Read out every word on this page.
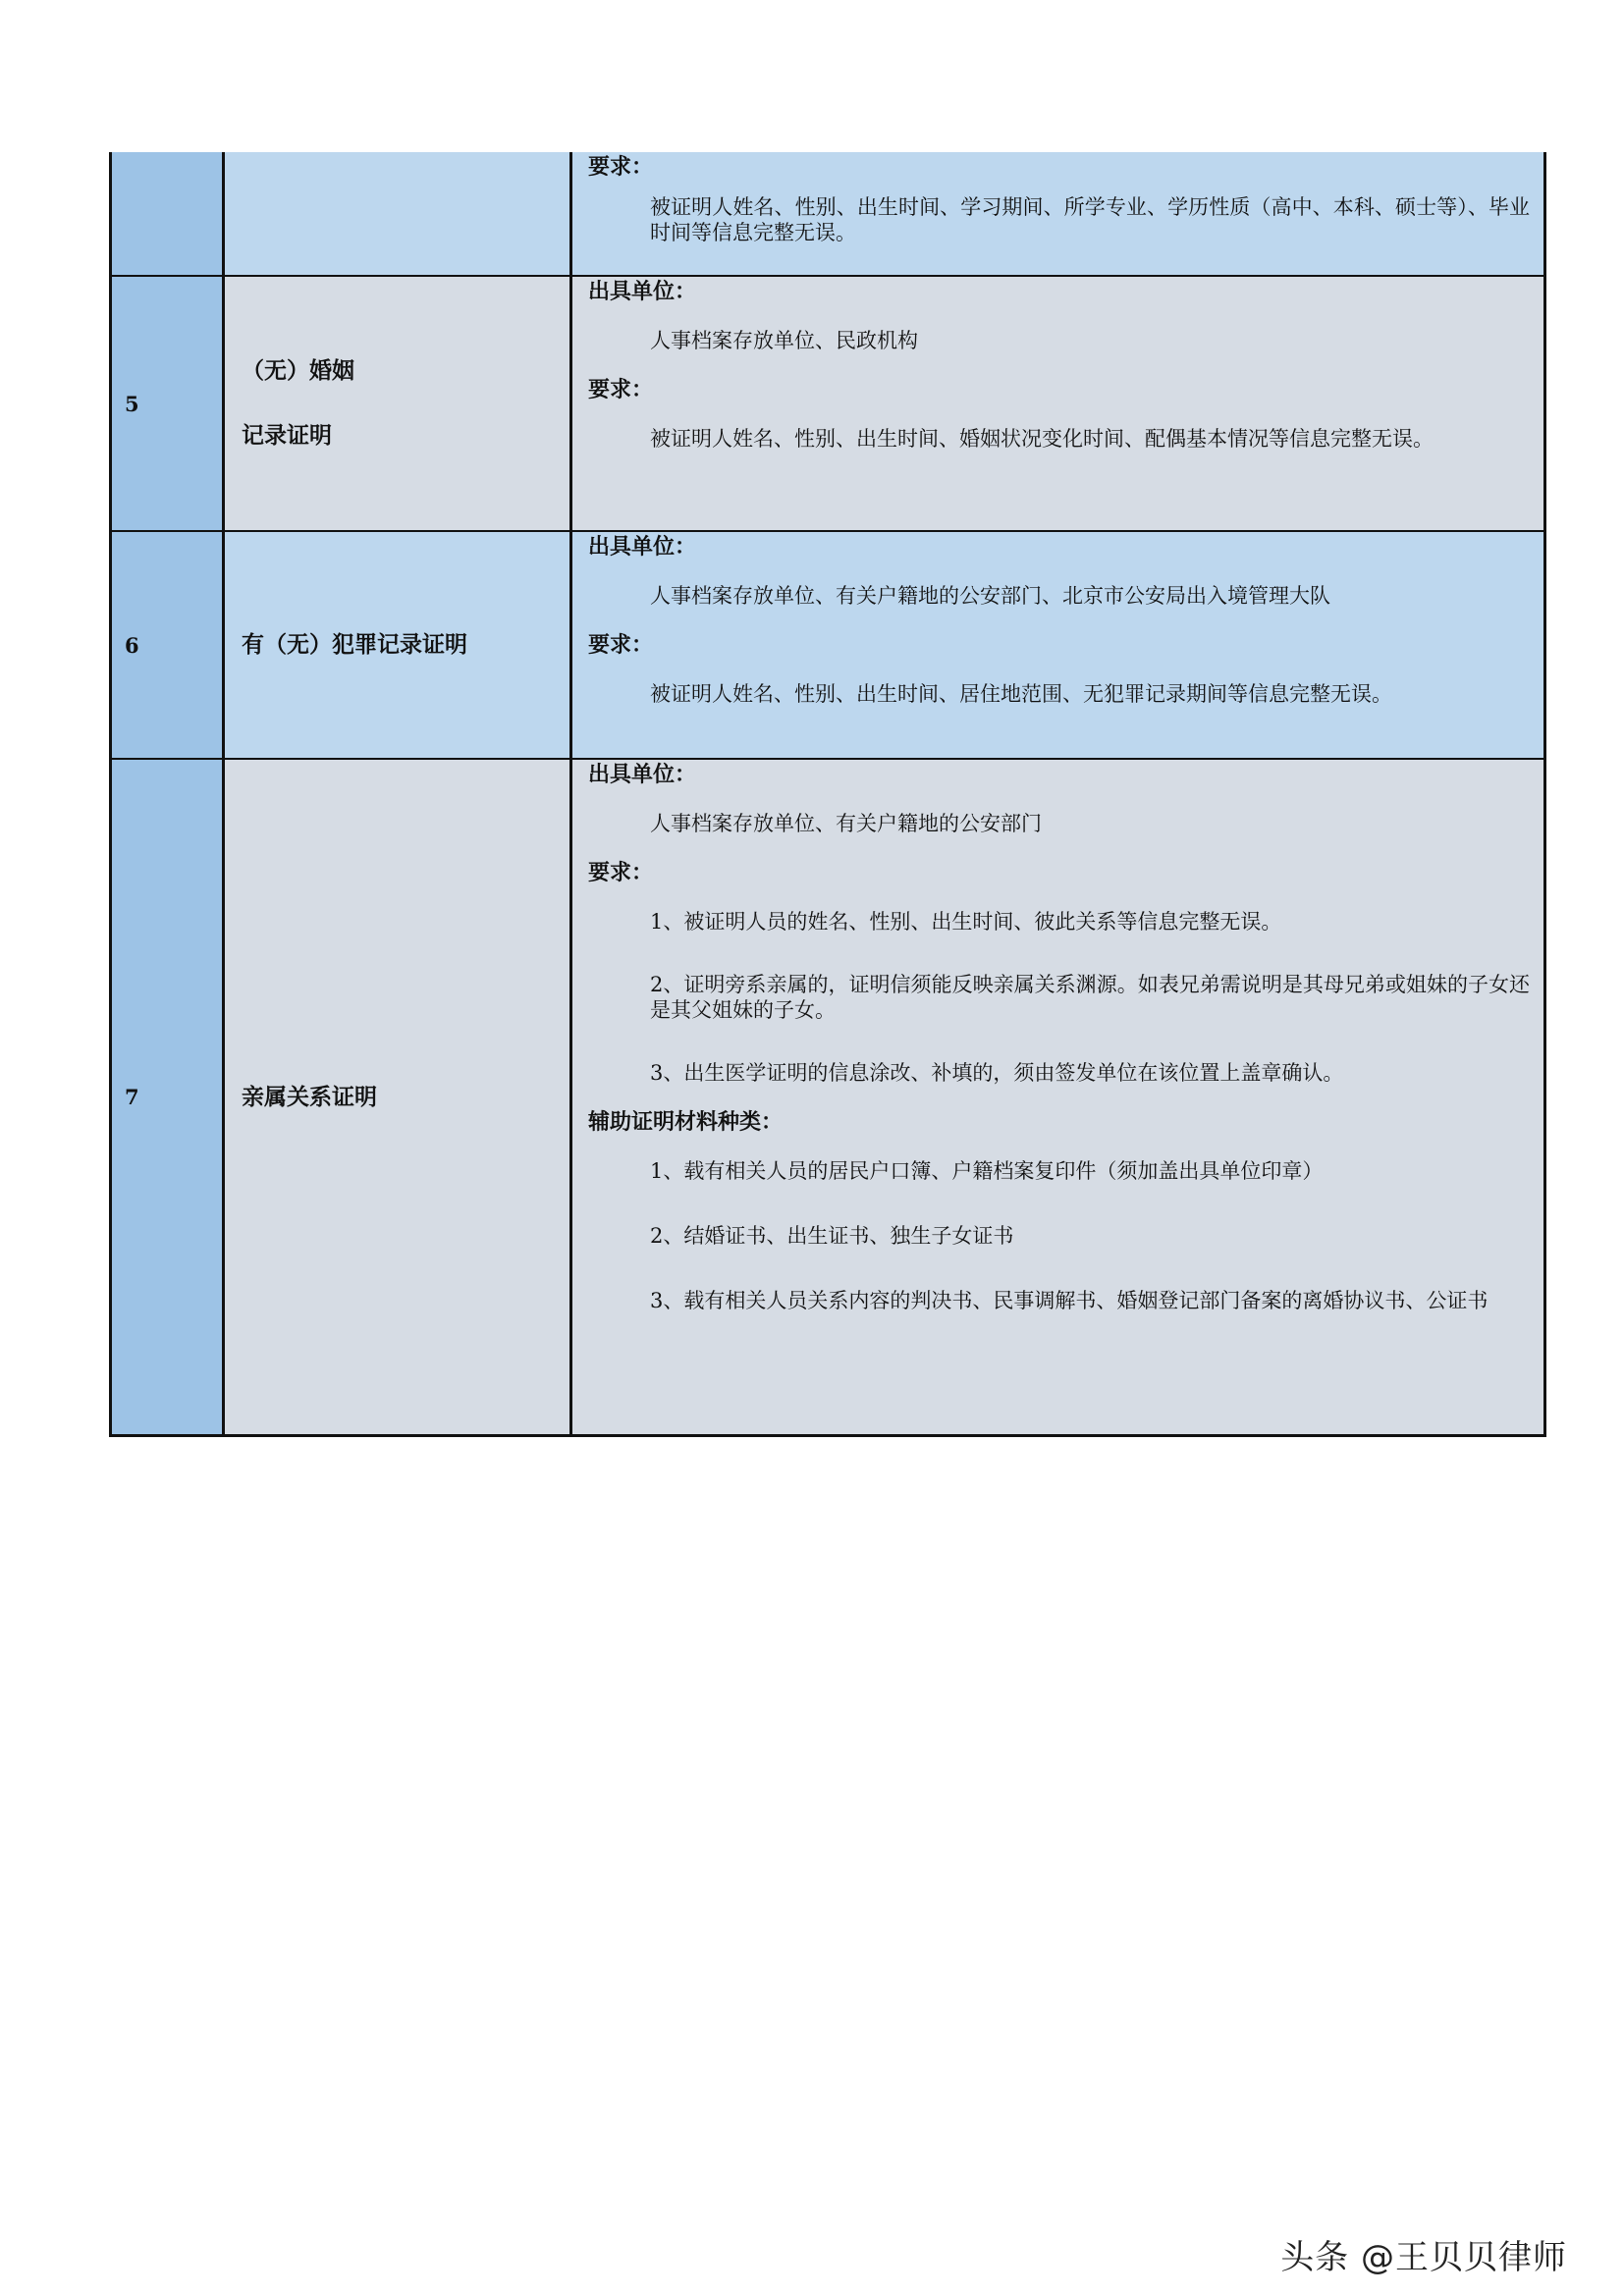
要求：
被证明人姓名、性别、出生时间、学习期间、所学专业、学历性质（高中、本科、硕士等）、毕业时间等信息完整无误。
5
（无）婚姻
记录证明
出具单位：
人事档案存放单位、民政机构
要求：
被证明人姓名、性别、出生时间、婚姻状况变化时间、配偶基本情况等信息完整无误。
6	有（无）犯罪记录证明
出具单位：
人事档案存放单位、有关户籍地的公安部门、北京市公安局出入境管理大队
要求：
被证明人姓名、性别、出生时间、居住地范围、无犯罪记录期间等信息完整无误。
7	亲属关系证明
出具单位：
人事档案存放单位、有关户籍地的公安部门
要求：
1、被证明人员的姓名、性别、出生时间、彼此关系等信息完整无误。
2、证明旁系亲属的，证明信须能反映亲属关系渊源。如表兄弟需说明是其母兄弟或姐妹的子女还是其父姐妹的子女。
3、出生医学证明的信息涂改、补填的，须由签发单位在该位置上盖章确认。
辅助证明材料种类：
1、载有相关人员的居民户口簿、户籍档案复印件（须加盖出具单位印章）
2、结婚证书、出生证书、独生子女证书
3、载有相关人员关系内容的判决书、民事调解书、婚姻登记部门备案的离婚协议书、公证书
头条 @王贝贝律师
